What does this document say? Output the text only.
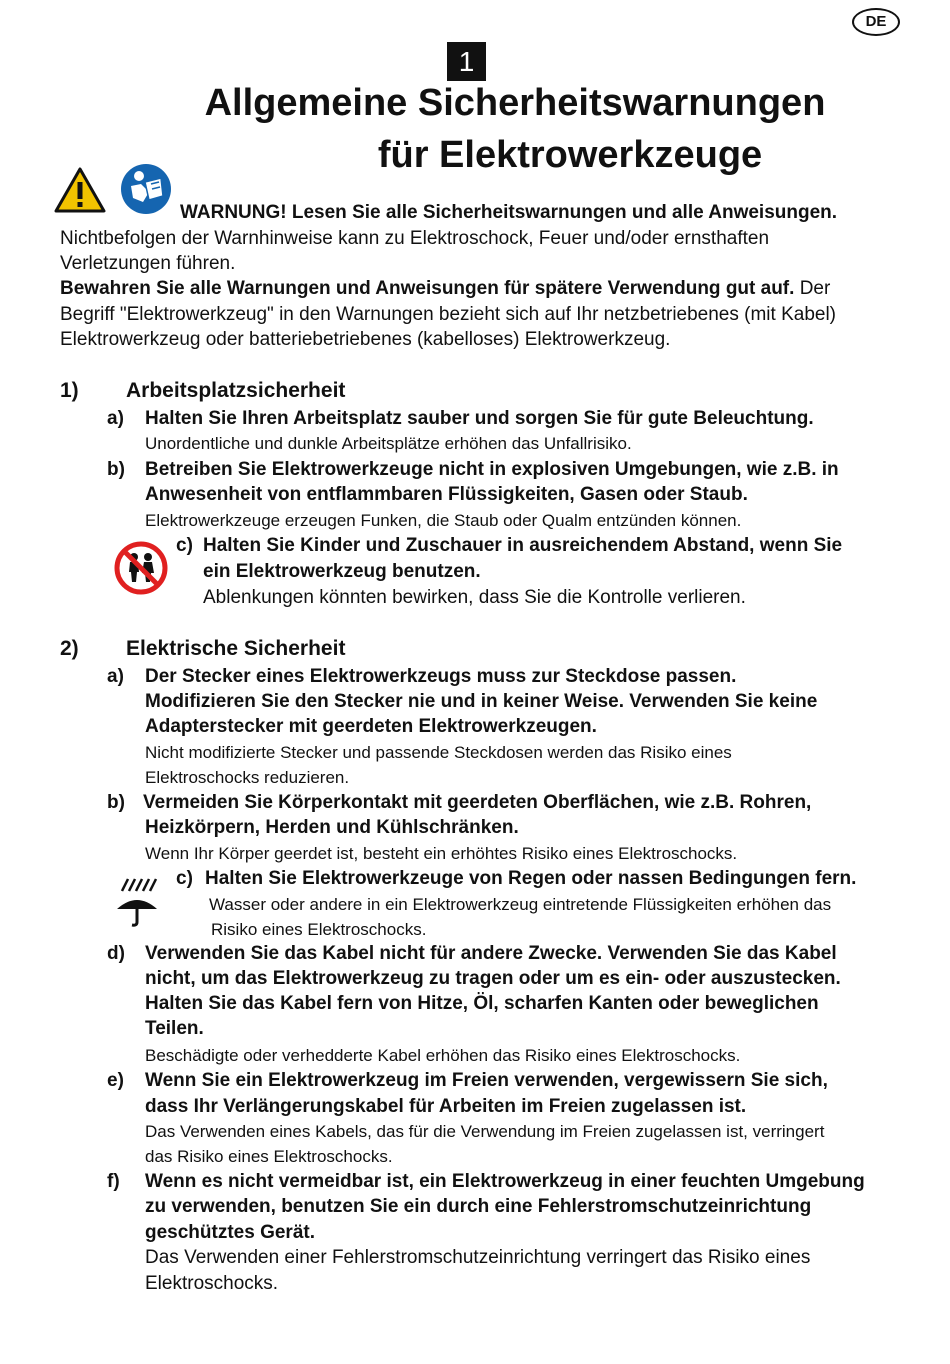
DE
1
Allgemeine Sicherheitswarnungen
für Elektrowerkzeuge
WARNUNG! Lesen Sie alle Sicherheitswarnungen und alle Anweisungen.
Nichtbefolgen der Warnhinweise kann zu Elektroschock, Feuer und/oder ernsthaften
Verletzungen führen.
Bewahren Sie alle Warnungen und Anweisungen für spätere Verwendung gut auf. Der
Begriff "Elektrowerkzeug" in den Warnungen bezieht sich auf Ihr netzbetriebenes (mit Kabel)
Elektrowerkzeug oder batteriebetriebenes (kabelloses) Elektrowerkzeug.
1) Arbeitsplatzsicherheit
a) Halten Sie Ihren Arbeitsplatz sauber und sorgen Sie für gute Beleuchtung.
Unordentliche und dunkle Arbeitsplätze erhöhen das Unfallrisiko.
b) Betreiben Sie Elektrowerkzeuge nicht in explosiven Umgebungen, wie z.B. in
Anwesenheit von entflammbaren Flüssigkeiten, Gasen oder Staub.
Elektrowerkzeuge erzeugen Funken, die Staub oder Qualm entzünden können.
c) Halten Sie Kinder und Zuschauer in ausreichendem Abstand, wenn Sie
ein Elektrowerkzeug benutzen.
Ablenkungen könnten bewirken, dass Sie die Kontrolle verlieren.
2) Elektrische Sicherheit
a) Der Stecker eines Elektrowerkzeugs muss zur Steckdose passen.
Modifizieren Sie den Stecker nie und in keiner Weise. Verwenden Sie keine
Adapterstecker mit geerdeten Elektrowerkzeugen.
Nicht modifizierte Stecker und passende Steckdosen werden das Risiko eines
Elektroschocks reduzieren.
b) Vermeiden Sie Körperkontakt mit geerdeten Oberflächen, wie z.B. Rohren,
Heizkörpern, Herden und Kühlschränken.
Wenn Ihr Körper geerdet ist, besteht ein erhöhtes Risiko eines Elektroschocks.
c) Halten Sie Elektrowerkzeuge von Regen oder nassen Bedingungen fern.
Wasser oder andere in ein Elektrowerkzeug eintretende Flüssigkeiten erhöhen das
Risiko eines Elektroschocks.
d) Verwenden Sie das Kabel nicht für andere Zwecke. Verwenden Sie das Kabel
nicht, um das Elektrowerkzeug zu tragen oder um es ein- oder auszustecken.
Halten Sie das Kabel fern von Hitze, Öl, scharfen Kanten oder beweglichen
Teilen.
Beschädigte oder verhedderte Kabel erhöhen das Risiko eines Elektroschocks.
e) Wenn Sie ein Elektrowerkzeug im Freien verwenden, vergewissern Sie sich,
dass Ihr Verlängerungskabel für Arbeiten im Freien zugelassen ist.
Das Verwenden eines Kabels, das für die Verwendung im Freien zugelassen ist, verringert
das Risiko eines Elektroschocks.
f) Wenn es nicht vermeidbar ist, ein Elektrowerkzeug in einer feuchten Umgebung
zu verwenden, benutzen Sie ein durch eine Fehlerstromschutzeinrichtung
geschütztes Gerät.
Das Verwenden einer Fehlerstromschutzeinrichtung verringert das Risiko eines
Elektroschocks.
